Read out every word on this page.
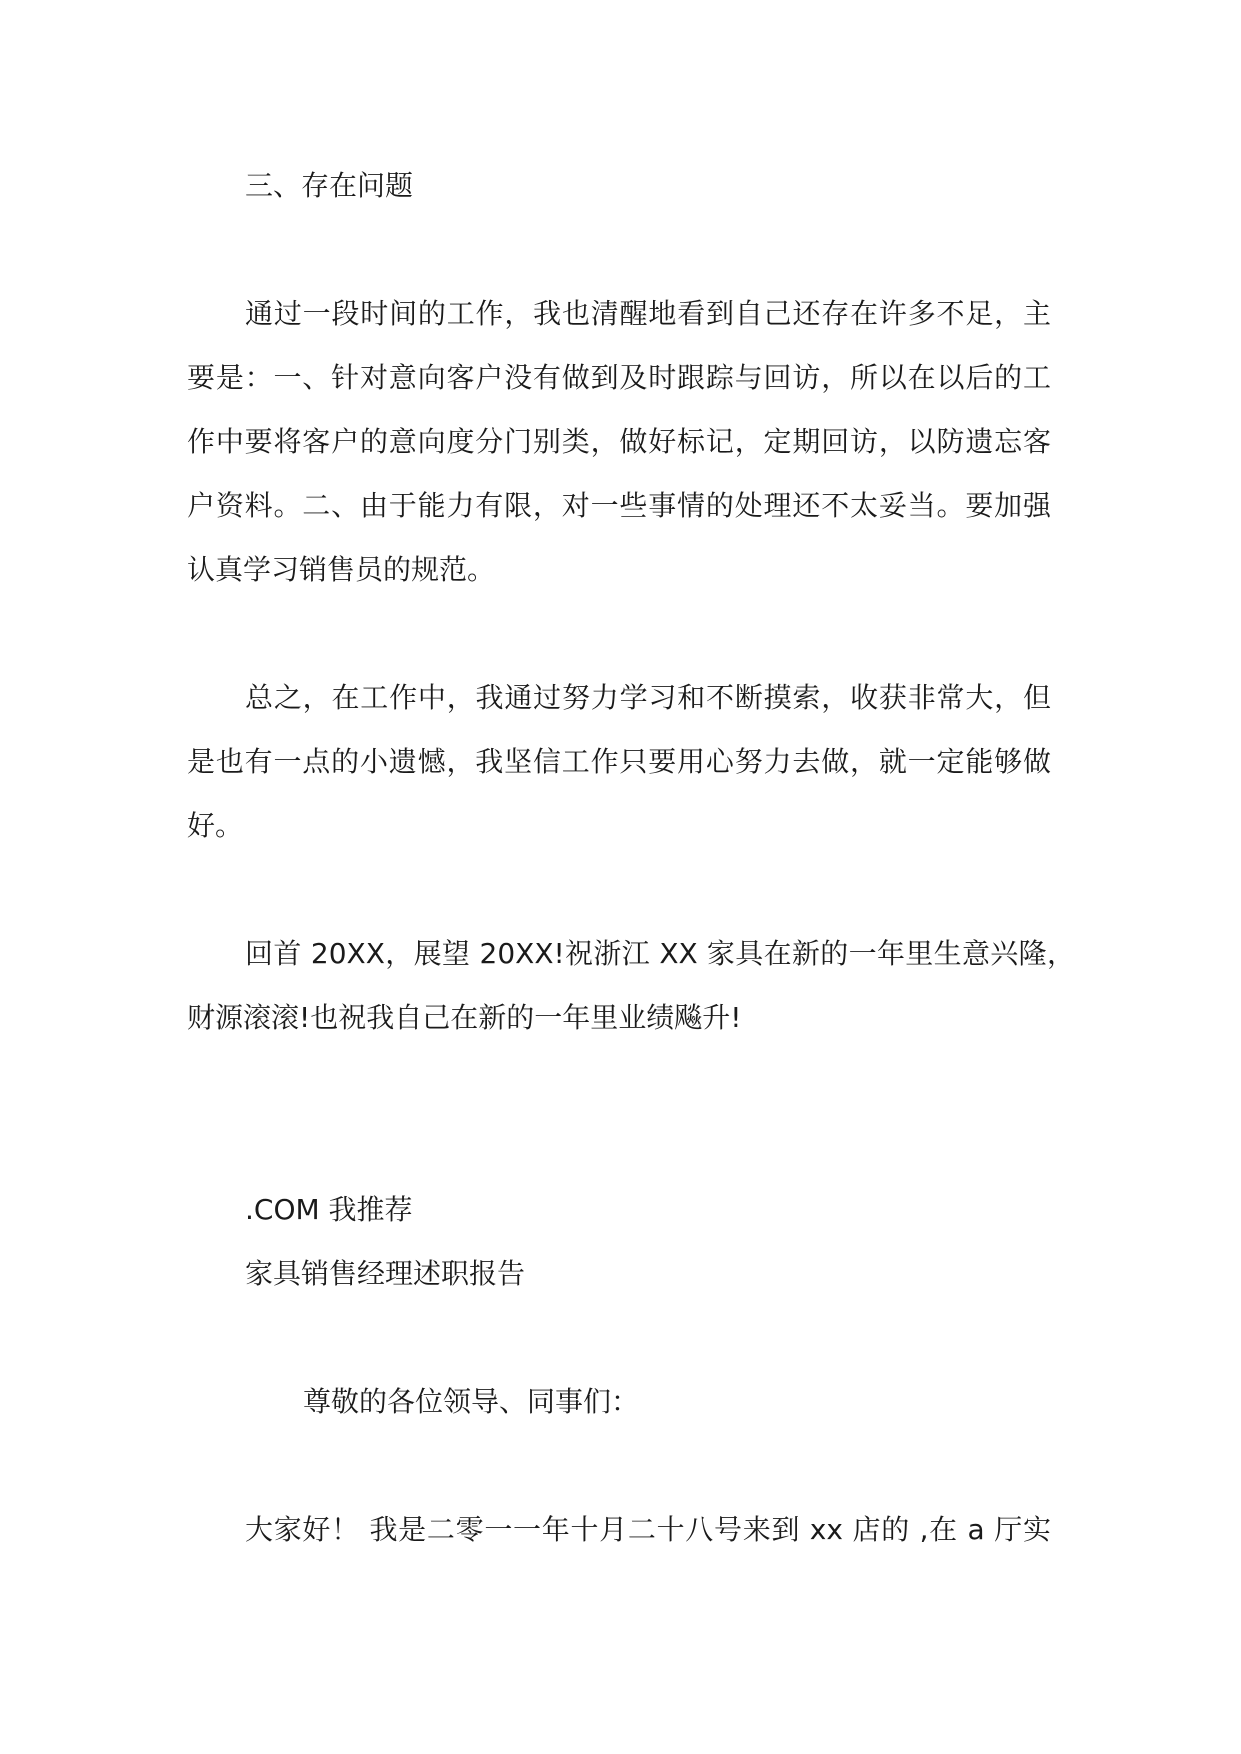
三、存在问题

通过一段时间的工作，我也清醒地看到自己还存在许多不足，主

要是：一、针对意向客户没有做到及时跟踪与回访，所以在以后的工

作中要将客户的意向度分门别类，做好标记，定期回访，以防遗忘客

户资料。二、由于能力有限，对一些事情的处理还不太妥当。要加强

认真学习销售员的规范。

总之，在工作中，我通过努力学习和不断摸索，收获非常大，但

是也有一点的小遗憾，我坚信工作只要用心努力去做，就一定能够做

好。

回首 20XX，展望 20XX!祝浙江 XX 家具在新的一年里生意兴隆，

财源滚滚!也祝我自己在新的一年里业绩飚升!

.COM 我推荐

家具销售经理述职报告

尊敬的各位领导、同事们：

大家好！ 我是二零一一年十月二十八号来到 xx 店的 ,在 a 厅实
